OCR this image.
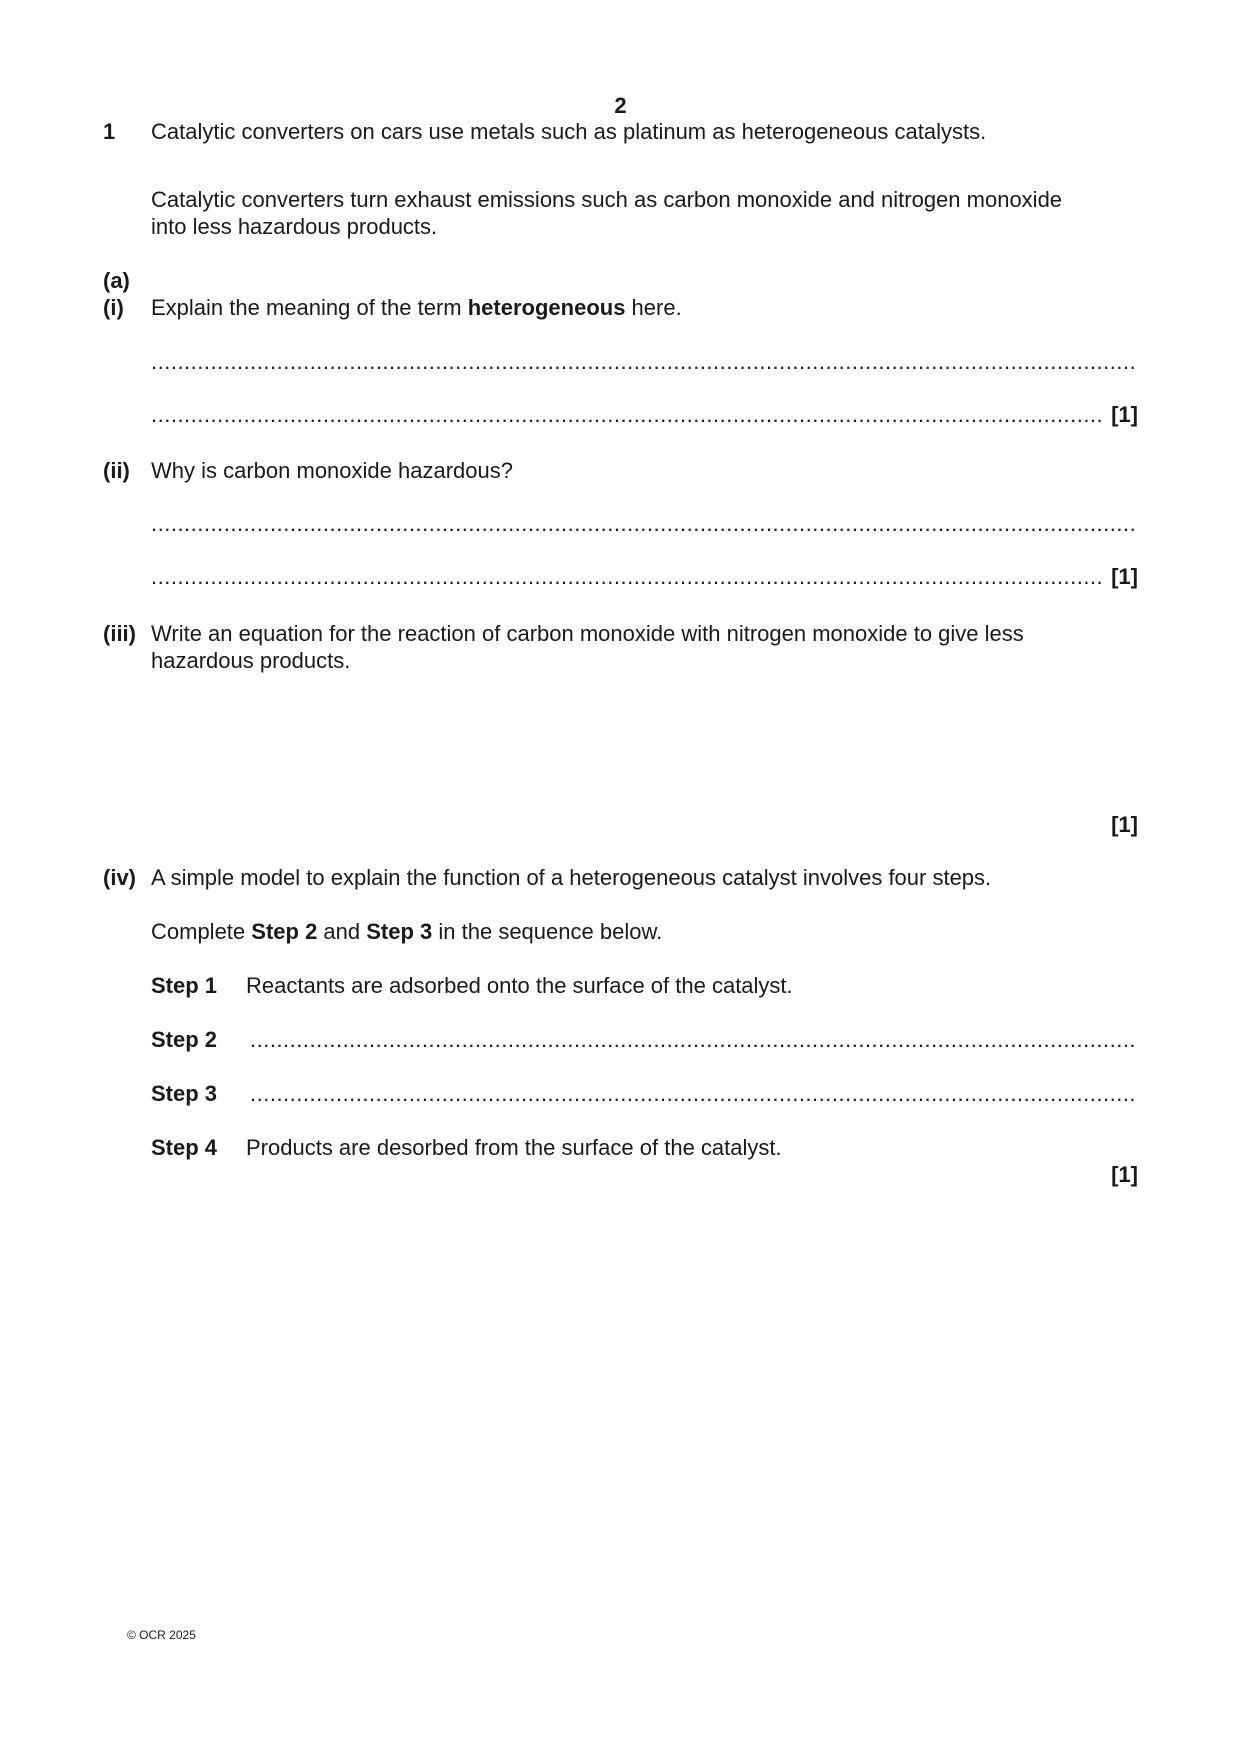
2
1 Catalytic converters on cars use metals such as platinum as heterogeneous catalysts.
Catalytic converters turn exhaust emissions such as carbon monoxide and nitrogen monoxide
into less hazardous products.
(a)
(i) Explain the meaning of the term heterogeneous here.
.....
.....
[1]
(ii) Why is carbon monoxide hazardous?
.....
.....
[1]
(iii) Write an equation for the reaction of carbon monoxide with nitrogen monoxide to give less
hazardous products.
[1]
(iv) A simple model to explain the function of a heterogeneous catalyst involves four steps.
Complete Step 2 and Step 3 in the sequence below.
Step 1 Reactants are adsorbed onto the surface of the catalyst.
Step 2
.....
Step 3
.....
Step 4 Products are desorbed from the surface of the catalyst.
[1]
© OCR 2025
